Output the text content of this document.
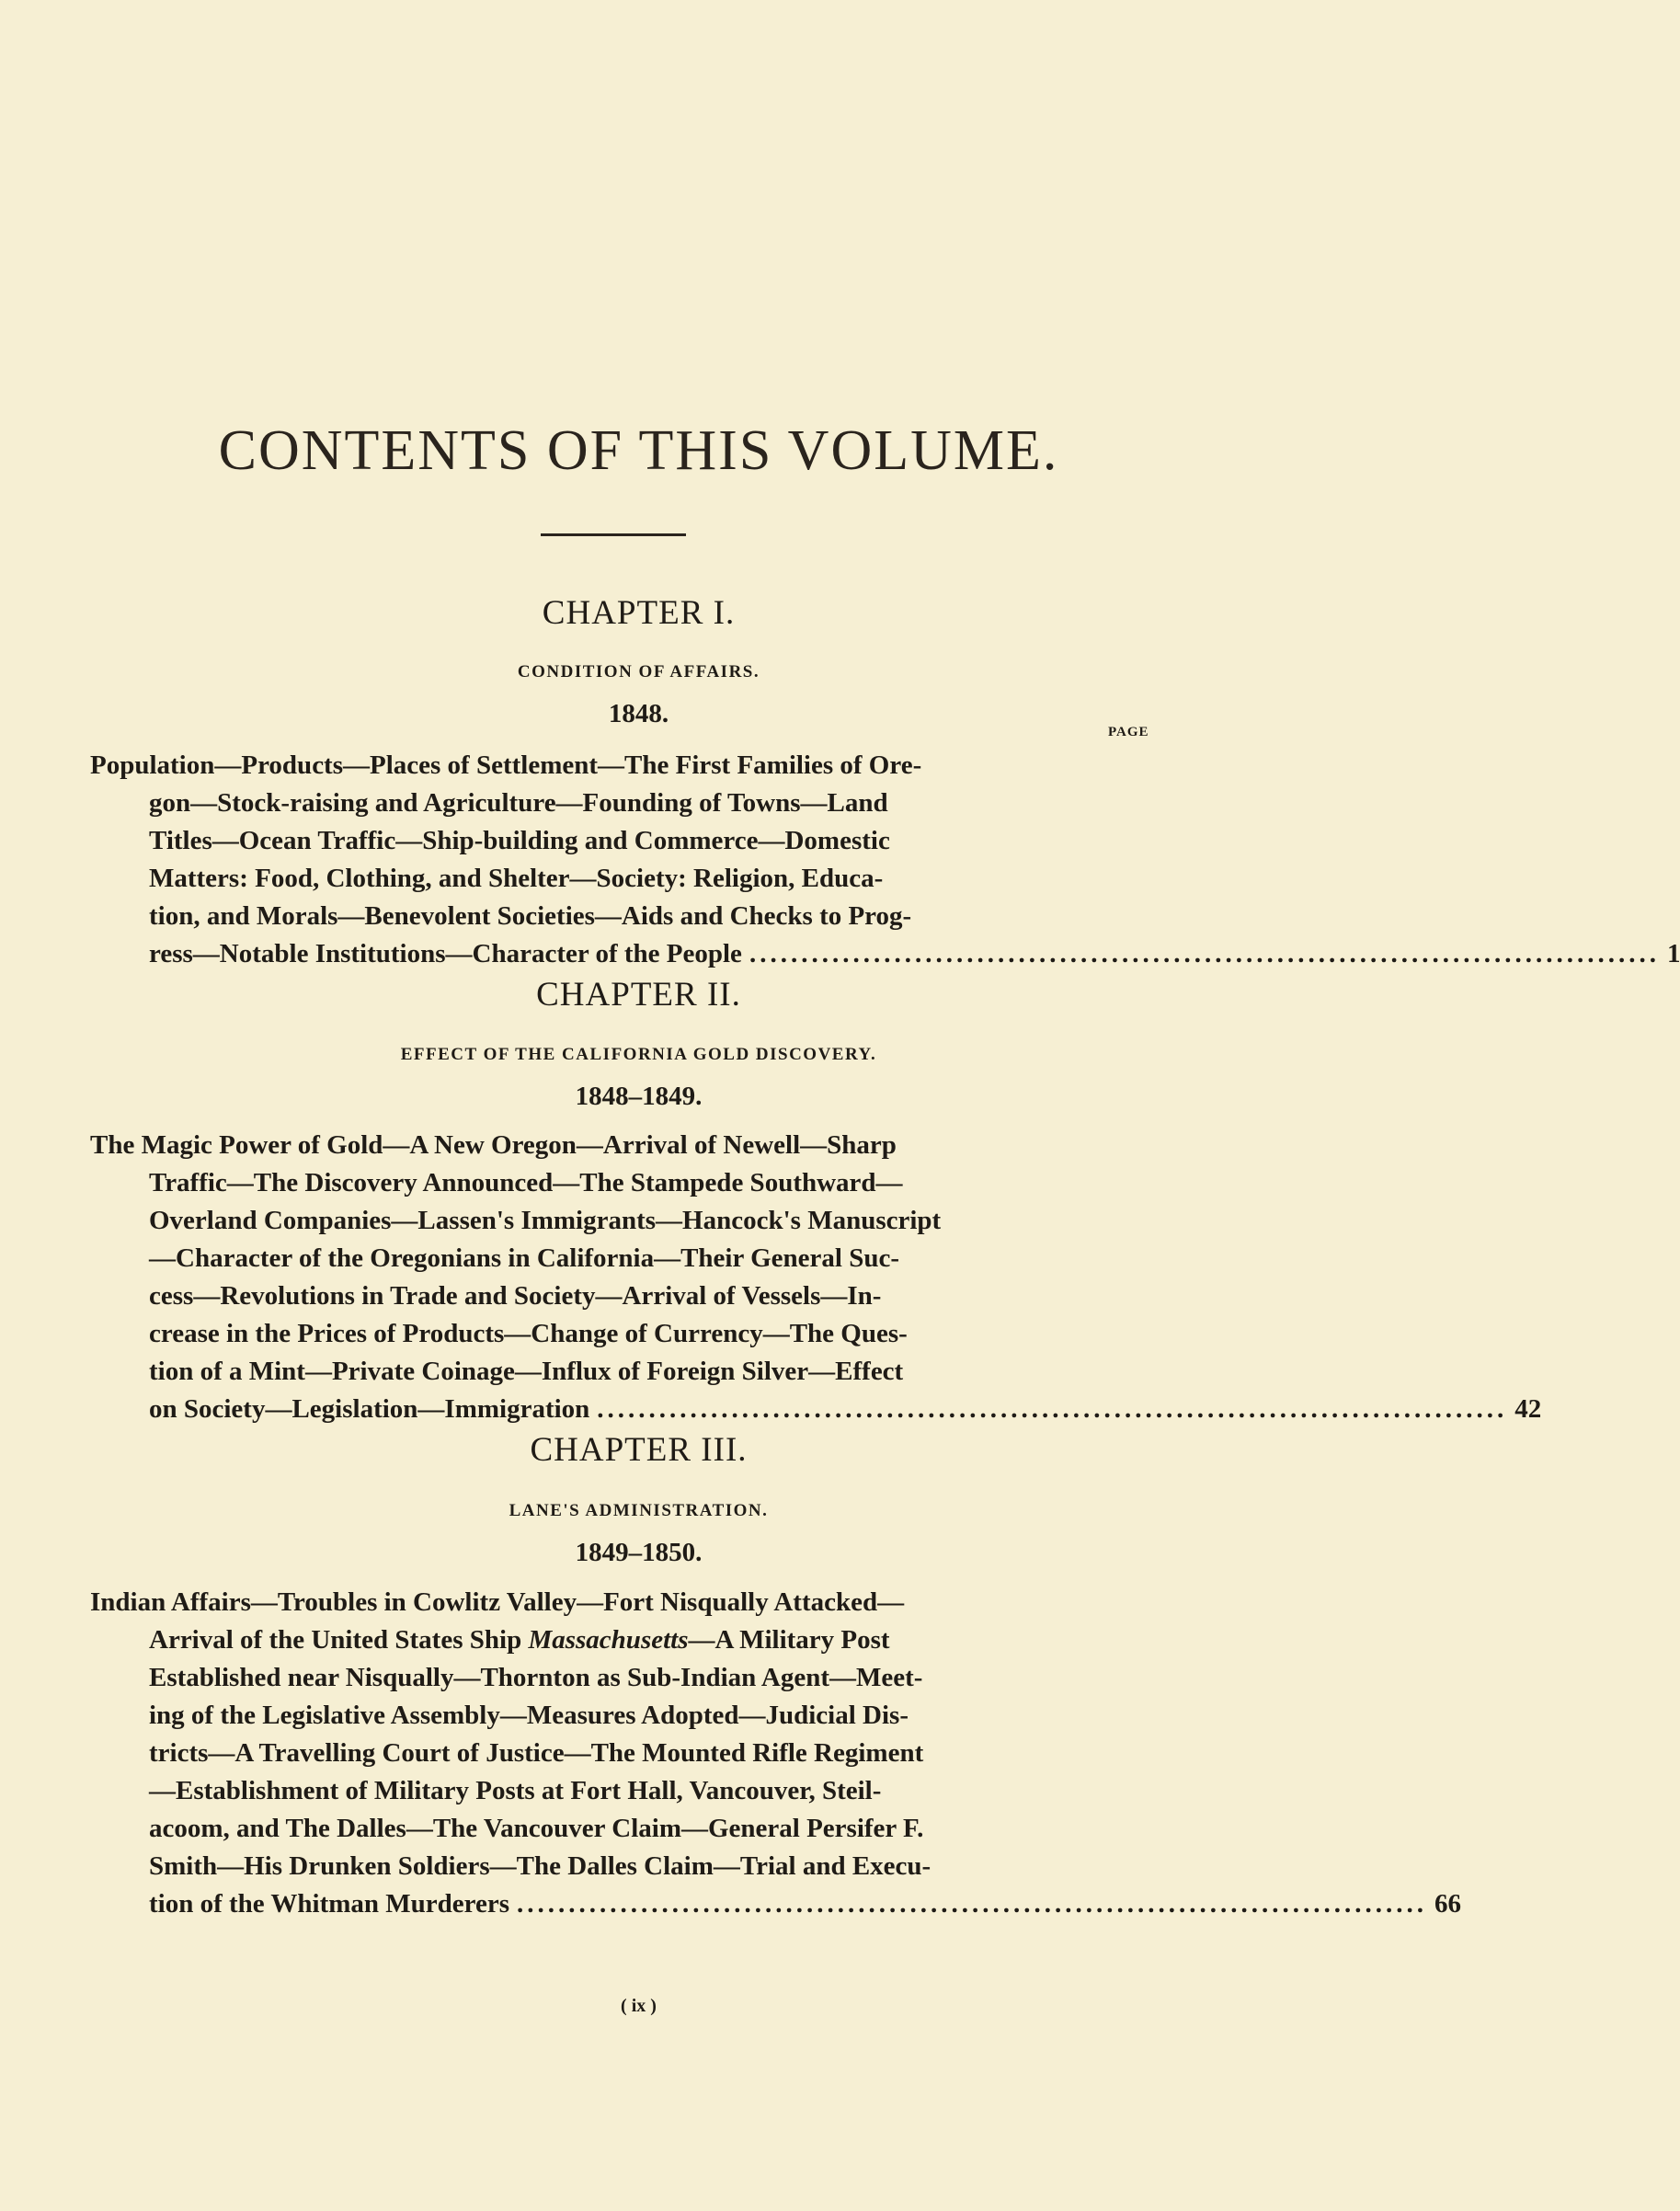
CONTENTS OF THIS VOLUME.
CHAPTER I.
CONDITION OF AFFAIRS.
1848.
PAGE
Population—Products—Places of Settlement—The First Families of Ore-
gon—Stock-raising and Agriculture—Founding of Towns—Land
Titles—Ocean Traffic—Ship-building and Commerce—Domestic
Matters: Food, Clothing, and Shelter—Society: Religion, Educa-
tion, and Morals—Benevolent Societies—Aids and Checks to Prog-
ress—Notable Institutions—Character of the People ........................................................................................ 1
CHAPTER II.
EFFECT OF THE CALIFORNIA GOLD DISCOVERY.
1848–1849.
The Magic Power of Gold—A New Oregon—Arrival of Newell—Sharp
Traffic—The Discovery Announced—The Stampede Southward—
Overland Companies—Lassen's Immigrants—Hancock's Manuscript
—Character of the Oregonians in California—Their General Suc-
cess—Revolutions in Trade and Society—Arrival of Vessels—In-
crease in the Prices of Products—Change of Currency—The Ques-
tion of a Mint—Private Coinage—Influx of Foreign Silver—Effect
on Society—Legislation—Immigration ........................................................................................ 42
CHAPTER III.
LANE'S ADMINISTRATION.
1849–1850.
Indian Affairs—Troubles in Cowlitz Valley—Fort Nisqually Attacked—
Arrival of the United States Ship Massachusetts—A Military Post
Established near Nisqually—Thornton as Sub-Indian Agent—Meet-
ing of the Legislative Assembly—Measures Adopted—Judicial Dis-
tricts—A Travelling Court of Justice—The Mounted Rifle Regiment
—Establishment of Military Posts at Fort Hall, Vancouver, Steil-
acoom, and The Dalles—The Vancouver Claim—General Persifer F.
Smith—His Drunken Soldiers—The Dalles Claim—Trial and Execu-
tion of the Whitman Murderers ........................................................................................ 66
( ix )
